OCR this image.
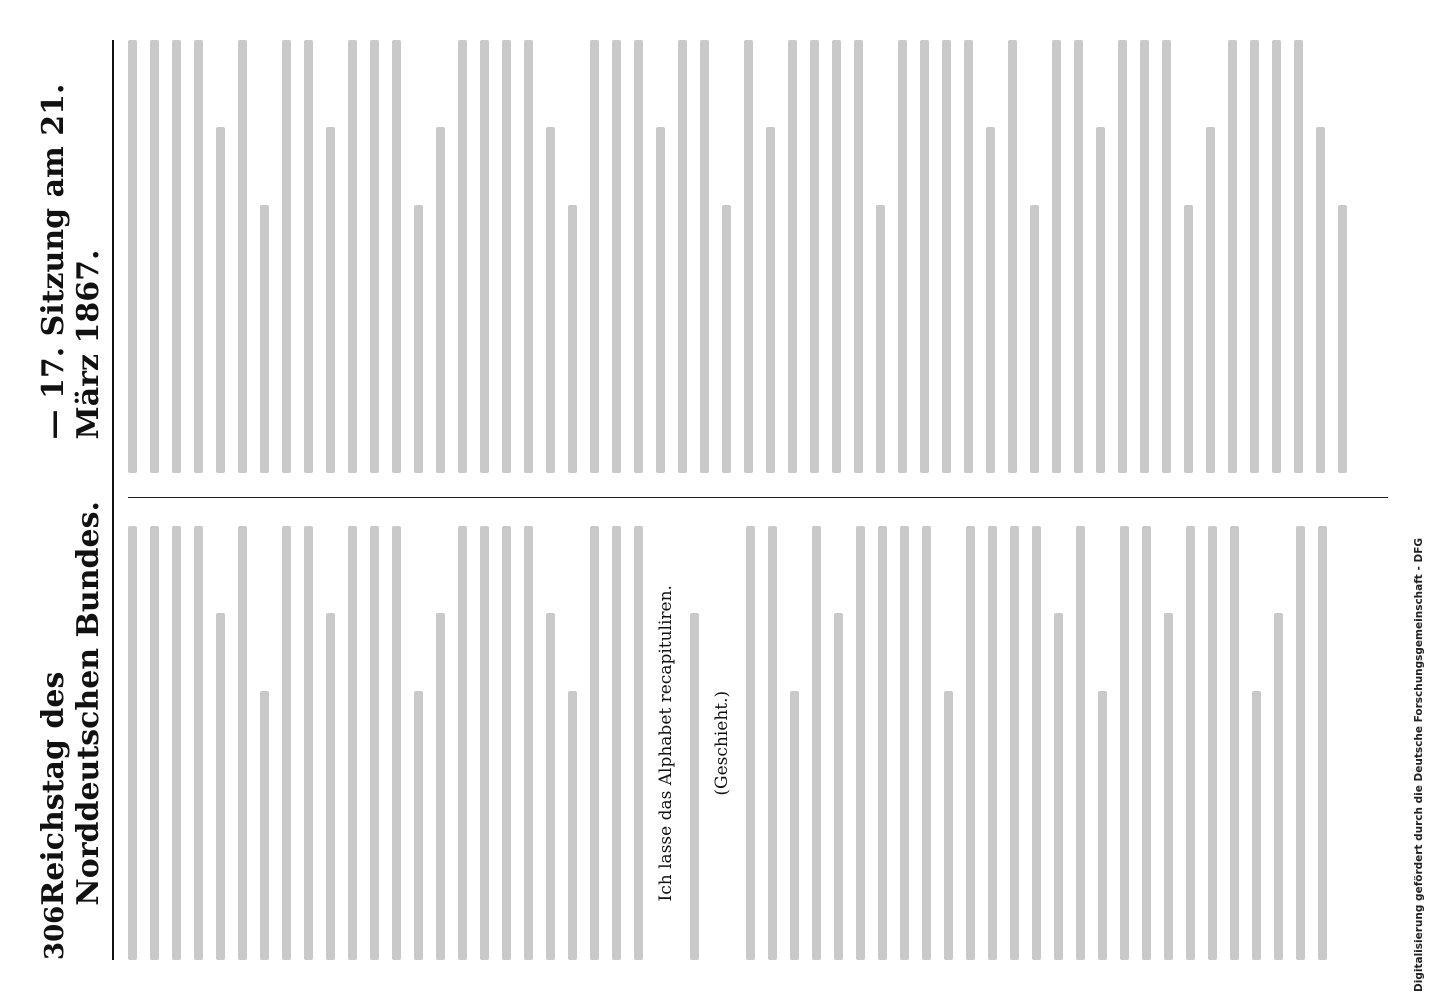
306
Reichstag des Norddeutschen Bundes.
— 17. Sitzung am 21. März 1867.
Ich lasse das Alphabet recapituliren. (Geschieht.)	Digitalisierung gefördert durch die Deutsche Forschungsgemeinschaft - DFG
